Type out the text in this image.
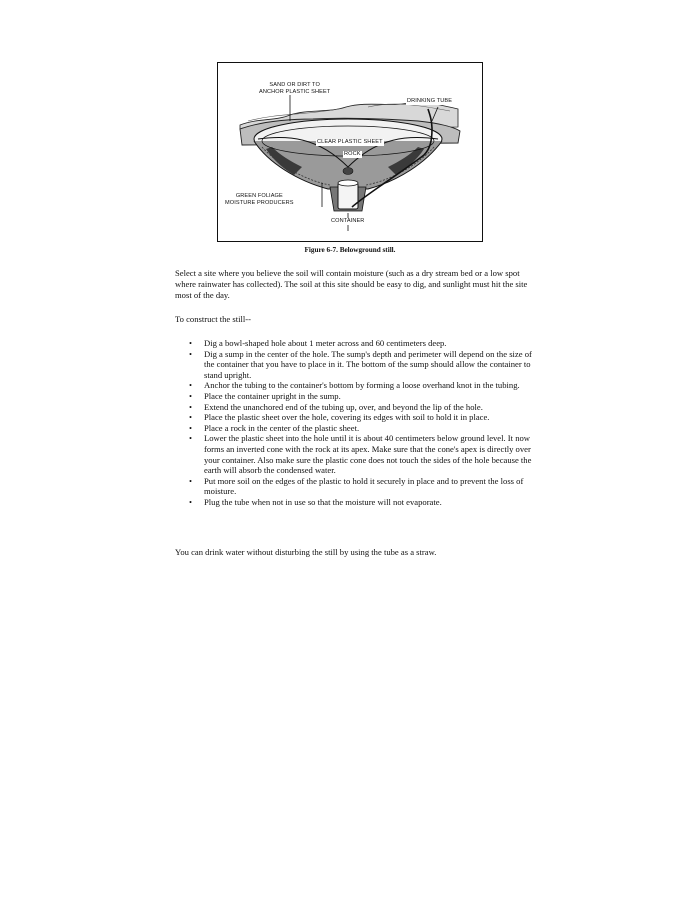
SAND OR DIRT TO
ANCHOR PLASTIC SHEET
DRINKING TUBE
CLEAR PLASTIC SHEET
ROCK
GREEN FOLIAGE
MOISTURE PRODUCERS
CONTAINER
Figure 6-7. Belowground still.

Select a site where you believe the soil will contain moisture (such as a dry stream bed or a low spot where rainwater has collected). The soil at this site should be easy to dig, and sunlight must hit the site most of the day.

To construct the still--

• Dig a bowl-shaped hole about 1 meter across and 60 centimeters deep.
• Dig a sump in the center of the hole. The sump's depth and perimeter will depend on the size of the container that you have to place in it. The bottom of the sump should allow the container to stand upright.
• Anchor the tubing to the container's bottom by forming a loose overhand knot in the tubing.
• Place the container upright in the sump.
• Extend the unanchored end of the tubing up, over, and beyond the lip of the hole.
• Place the plastic sheet over the hole, covering its edges with soil to hold it in place.
• Place a rock in the center of the plastic sheet.
• Lower the plastic sheet into the hole until it is about 40 centimeters below ground level. It now forms an inverted cone with the rock at its apex. Make sure that the cone's apex is directly over your container. Also make sure the plastic cone does not touch the sides of the hole because the earth will absorb the condensed water.
• Put more soil on the edges of the plastic to hold it securely in place and to prevent the loss of moisture.
• Plug the tube when not in use so that the moisture will not evaporate.

You can drink water without disturbing the still by using the tube as a straw.
